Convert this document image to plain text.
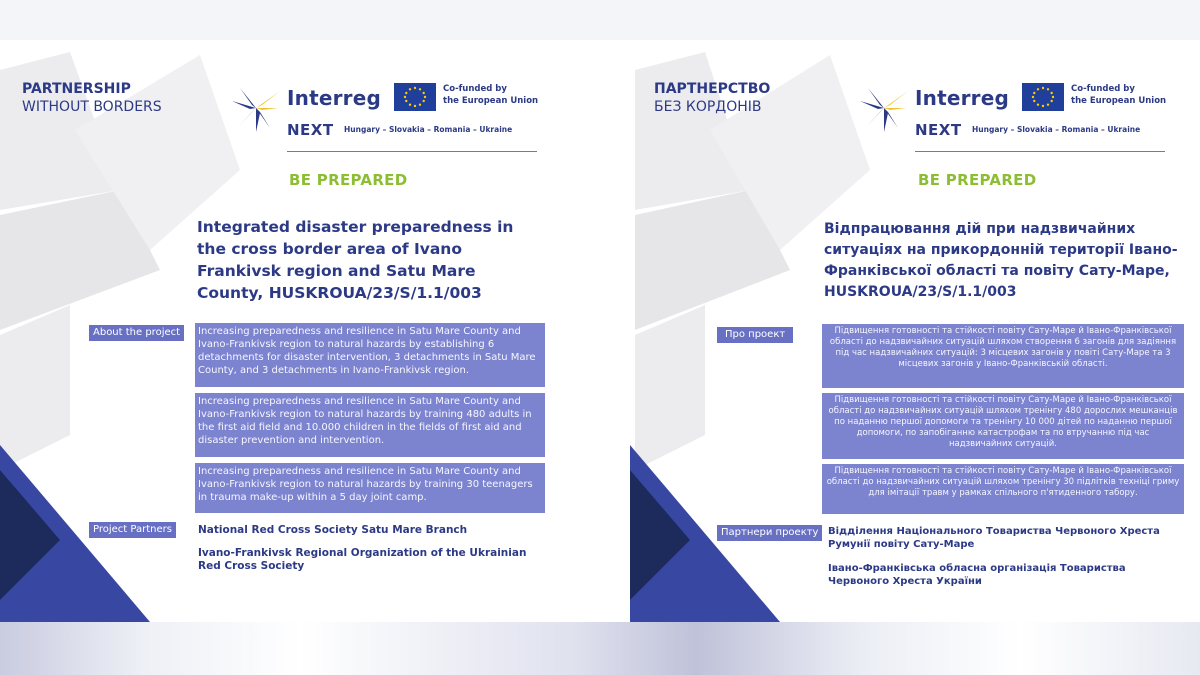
PARTNERSHIP
WITHOUT BORDERS	Interreg	Co-funded by
the European Union
NEXT Hungary – Slovakia – Romania – Ukraine
BE PREPARED
Integrated disaster preparedness in the cross border area of Ivano Frankivsk region and Satu Mare County, HUSKROUA/23/S/1.1/003
About the project	Increasing preparedness and resilience in Satu Mare County and Ivano-Frankivsk region to natural hazards by establishing 6 detachments for disaster intervention, 3 detachments in Satu Mare County, and 3 detachments in Ivano-Frankivsk region.
Increasing preparedness and resilience in Satu Mare County and Ivano-Frankivsk region to natural hazards by training 480 adults in the first aid field and 10.000 children in the fields of first aid and disaster prevention and intervention.
Increasing preparedness and resilience in Satu Mare County and Ivano-Frankivsk region to natural hazards by training 30 teenagers in trauma make-up within a 5 day joint camp.
Project Partners	National Red Cross Society Satu Mare Branch
Ivano-Frankivsk Regional Organization of the Ukrainian Red Cross Society
ПАРТНЕРСТВО
БЕЗ КОРДОНІВ	Interreg	Co-funded by
the European Union
NEXT Hungary – Slovakia – Romania – Ukraine
BE PREPARED
Відпрацювання дій при надзвичайних ситуаціях на прикордонній території Івано-Франківської області та повіту Сату-Маре, HUSKROUA/23/S/1.1/003
Про проект	Підвищення готовності та стійкості повіту Сату-Маре й Івано-Франківської області до надзвичайних ситуацій шляхом створення 6 загонів для задіяння під час надзвичайних ситуацій: 3 місцевих загонів у повіті Сату-Маре та 3 місцевих загонів у Івано-Франківській області.
Підвищення готовності та стійкості повіту Сату-Маре й Івано-Франківської області до надзвичайних ситуацій шляхом тренінгу 480 дорослих мешканців по наданню першої допомоги та тренінгу 10 000 дітей по наданню першої допомоги, по запобіганню катастрофам та по втручанню під час надзвичайних ситуацій.
Підвищення готовності та стійкості повіту Сату-Маре й Івано-Франківської області до надзвичайних ситуацій шляхом тренінгу 30 підлітків техніці гриму для імітації травм у рамках спільного п'ятиденного табору.
Партнери проекту Відділення Національного Товариства Червоного Хреста Румунії повіту Сату-Маре
Івано-Франківська обласна організація Товариства Червоного Хреста України
